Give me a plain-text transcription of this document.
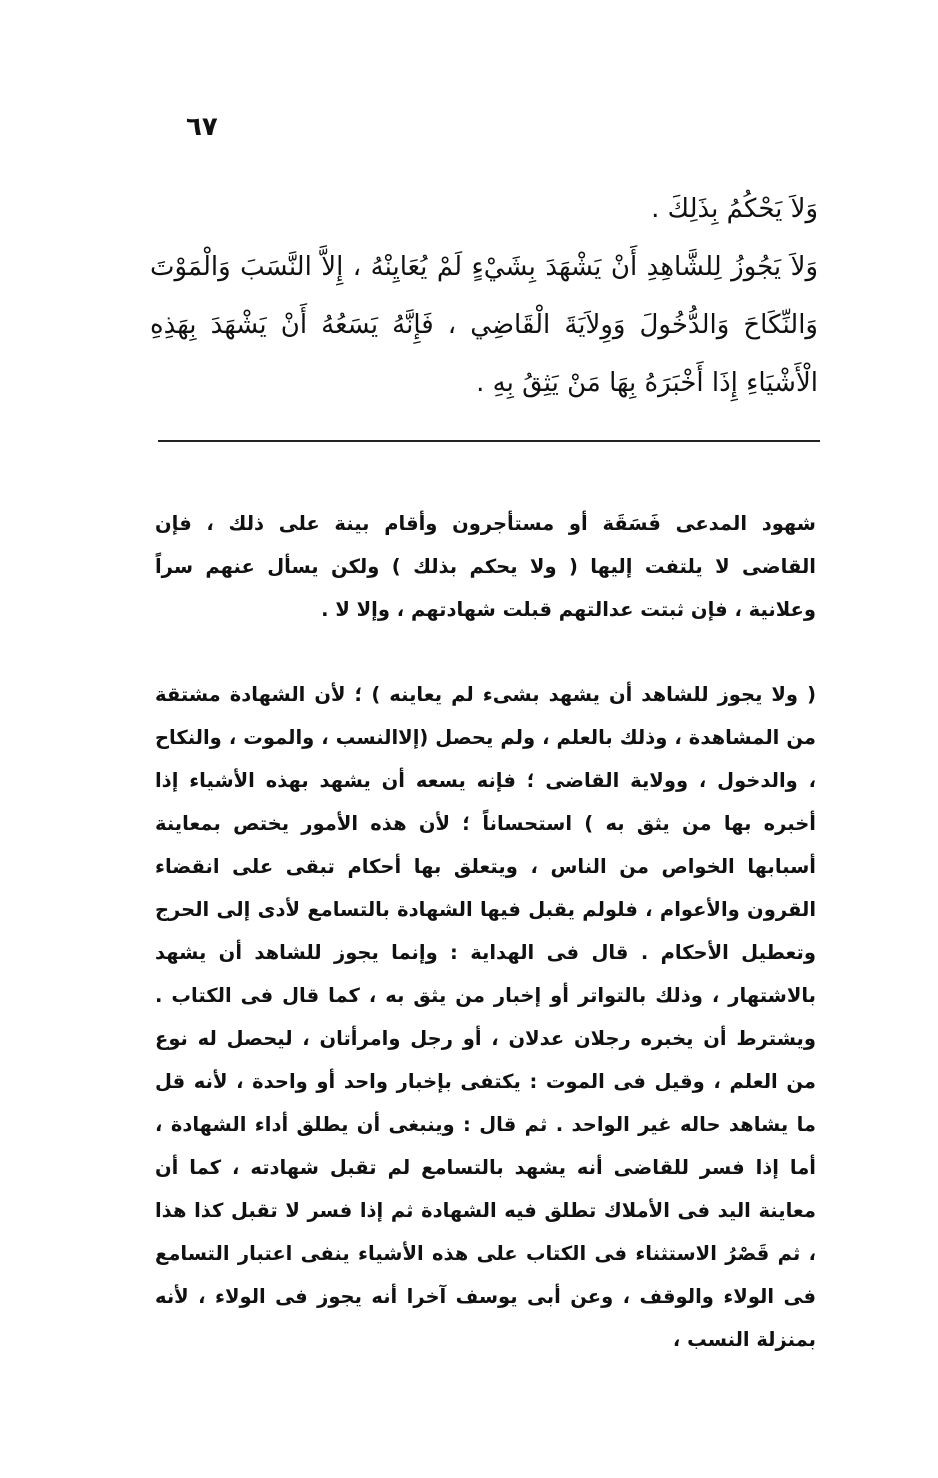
٦٧

وَلاَ يَحْكُمُ بِذَلِكَ .

وَلاَ يَجُوزُ لِلشَّاهِدِ أَنْ يَشْهَدَ بِشَيْءٍ لَمْ يُعَايِنْهُ ، إِلاَّ النَّسَبَ وَالْمَوْتَ وَالنِّكَاحَ وَالدُّخُولَ وَوِلاَيَةَ الْقَاضِي ، فَإِنَّهُ يَسَعُهُ أَنْ يَشْهَدَ بِهَذِهِ الْأَشْيَاءِ إِذَا أَخْبَرَهُ بِهَا مَنْ يَثِقُ بِهِ .

شهود المدعى فَسَقَة أو مستأجرون وأقام بينة على ذلك ، فإن القاضى لا يلتفت إليها ( ولا يحكم بذلك ) ولكن يسأل عنهم سراً وعلانية ، فإن ثبتت عدالتهم قبلت شهادتهم ، وإلا لا .

( ولا يجوز للشاهد أن يشهد بشىء لم يعاينه ) ؛ لأن الشهادة مشتقة من المشاهدة ، وذلك بالعلم ، ولم يحصل (إلاالنسب ، والموت ، والنكاح ، والدخول ، وولاية القاضى ؛ فإنه يسعه أن يشهد بهذه الأشياء إذا أخبره بها من يثق به ) استحساناً ؛ لأن هذه الأمور يختص بمعاينة أسبابها الخواص من الناس ، ويتعلق بها أحكام تبقى على انقضاء القرون والأعوام ، فلولم يقبل فيها الشهادة بالتسامع لأدى إلى الحرج وتعطيل الأحكام . قال فى الهداية : وإنما يجوز للشاهد أن يشهد بالاشتهار ، وذلك بالتواتر أو إخبار من يثق به ، كما قال فى الكتاب . ويشترط أن يخبره رجلان عدلان ، أو رجل وامرأتان ، ليحصل له نوع من العلم ، وقيل فى الموت : يكتفى بإخبار واحد أو واحدة ، لأنه قل ما يشاهد حاله غير الواحد . ثم قال : وينبغى أن يطلق أداء الشهادة ، أما إذا فسر للقاضى أنه يشهد بالتسامع لم تقبل شهادته ، كما أن معاينة اليد فى الأملاك تطلق فيه الشهادة ثم إذا فسر لا تقبل كذا هذا ، ثم قَصْرُ الاستثناء فى الكتاب على هذه الأشياء ينفى اعتبار التسامع فى الولاء والوقف ، وعن أبى يوسف آخرا أنه يجوز فى الولاء ، لأنه بمنزلة النسب ،
